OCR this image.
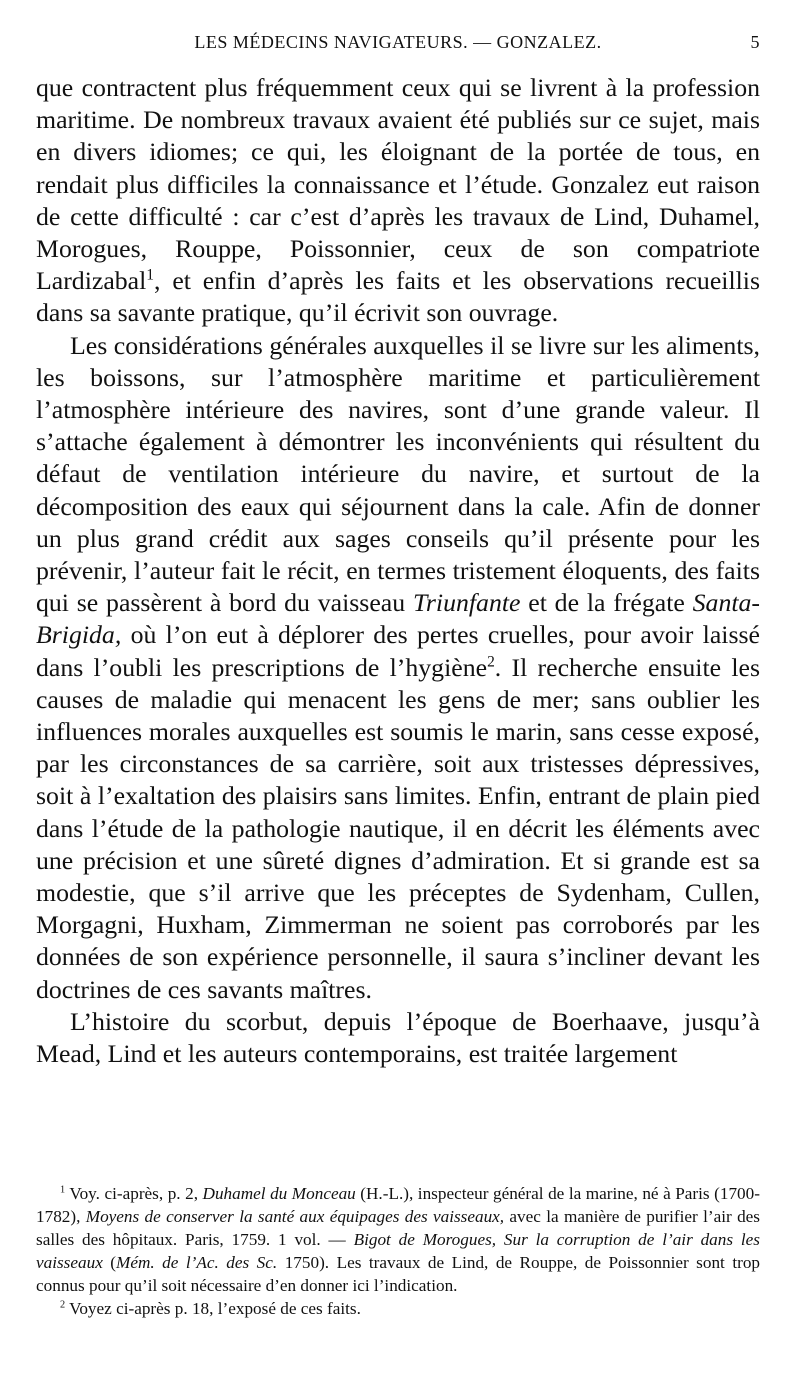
LES MÉDECINS NAVIGATEURS. — GONZALEZ.	5

que contractent plus fréquemment ceux qui se livrent à la profession maritime. De nombreux travaux avaient été publiés sur ce sujet, mais en divers idiomes; ce qui, les éloignant de la portée de tous, en rendait plus difficiles la connaissance et l’étude. Gonzalez eut raison de cette difficulté : car c’est d’après les travaux de Lind, Duhamel, Morogues, Rouppe, Poissonnier, ceux de son compatriote Lardizabal$^1$, et enfin d’après les faits et les observations recueillis dans sa savante pratique, qu’il écrivit son ouvrage.

Les considérations générales auxquelles il se livre sur les aliments, les boissons, sur l’atmosphère maritime et particulièrement l’atmosphère intérieure des navires, sont d’une grande valeur. Il s’attache également à démontrer les inconvénients qui résultent du défaut de ventilation intérieure du navire, et surtout de la décomposition des eaux qui séjournent dans la cale. Afin de donner un plus grand crédit aux sages conseils qu’il présente pour les prévenir, l’auteur fait le récit, en termes tristement éloquents, des faits qui se passèrent à bord du vaisseau Triunfante et de la frégate Santa-Brigida, où l’on eut à déplorer des pertes cruelles, pour avoir laissé dans l’oubli les prescriptions de l’hygiène$^2$. Il recherche ensuite les causes de maladie qui menacent les gens de mer; sans oublier les influences morales auxquelles est soumis le marin, sans cesse exposé, par les circonstances de sa carrière, soit aux tristesses dépressives, soit à l’exaltation des plaisirs sans limites. Enfin, entrant de plain pied dans l’étude de la pathologie nautique, il en décrit les éléments avec une précision et une sûreté dignes d’admiration. Et si grande est sa modestie, que s’il arrive que les préceptes de Sydenham, Cullen, Morgagni, Huxham, Zimmerman ne soient pas corroborés par les données de son expérience personnelle, il saura s’incliner devant les doctrines de ces savants maîtres.

L’histoire du scorbut, depuis l’époque de Boerhaave, jusqu’à Mead, Lind et les auteurs contemporains, est traitée largement

$^1$ Voy. ci-après, p. 2, Duhamel du Monceau (H.-L.), inspecteur général de la marine, né à Paris (1700-1782), Moyens de conserver la santé aux équipages des vaisseaux, avec la manière de purifier l’air des salles des hôpitaux. Paris, 1759. 1 vol. — Bigot de Morogues, Sur la corruption de l’air dans les vaisseaux (Mém. de l’Ac. des Sc. 1750). Les travaux de Lind, de Rouppe, de Poissonnier sont trop connus pour qu’il soit nécessaire d’en donner ici l’indication.

$^2$ Voyez ci-après p. 18, l’exposé de ces faits.
